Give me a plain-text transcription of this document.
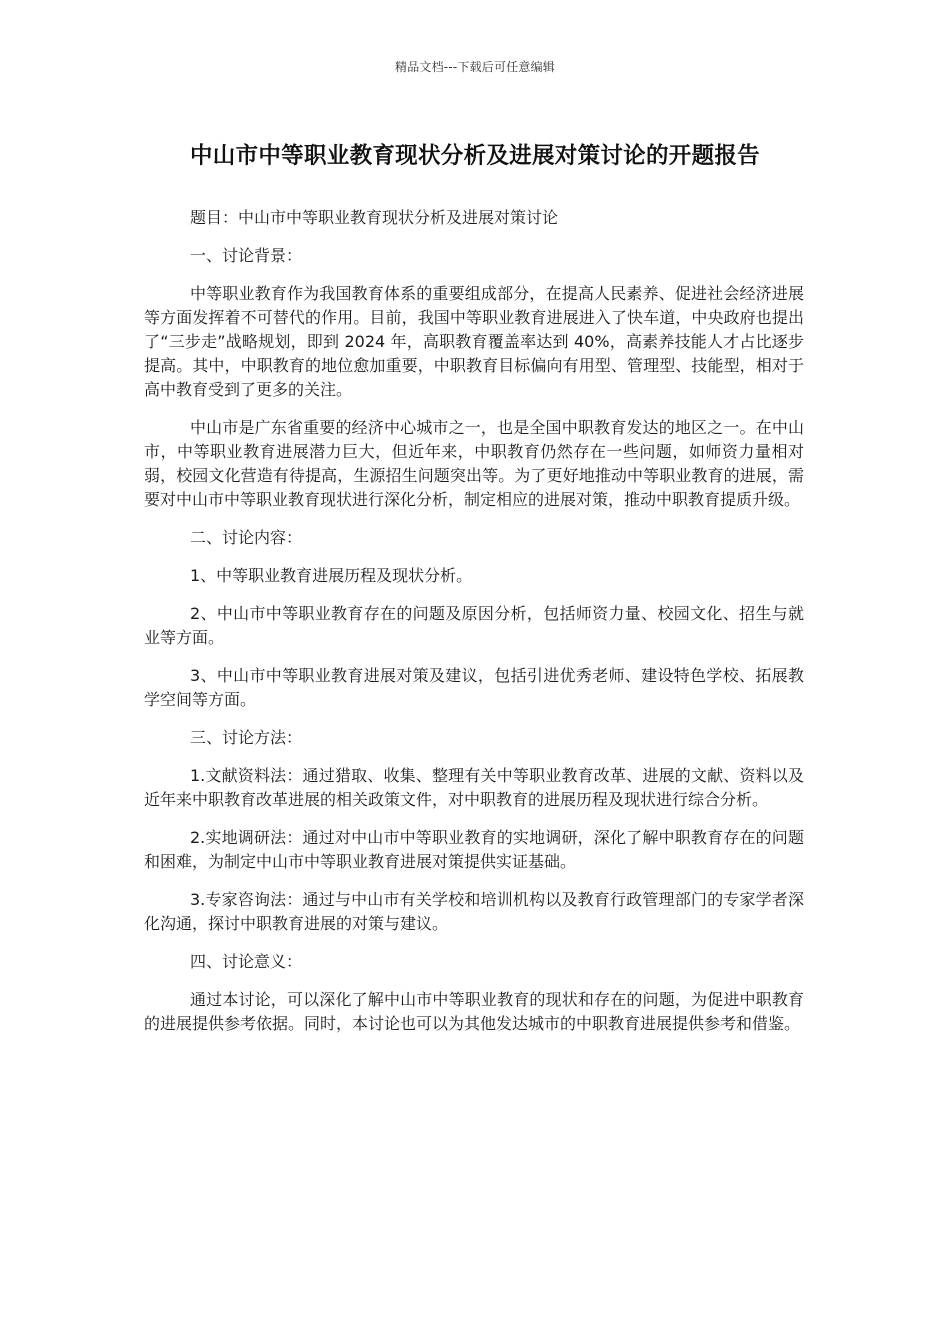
精品文档---下载后可任意编辑
中山市中等职业教育现状分析及进展对策讨论的开题报告

题目：中山市中等职业教育现状分析及进展对策讨论

一、讨论背景：

中等职业教育作为我国教育体系的重要组成部分，在提高人民素养、促进社会经济进展等方面发挥着不可替代的作用。目前，我国中等职业教育进展进入了快车道，中央政府也提出了“三步走”战略规划，即到 2024 年，高职教育覆盖率达到 40%，高素养技能人才占比逐步提高。其中，中职教育的地位愈加重要，中职教育目标偏向有用型、管理型、技能型，相对于高中教育受到了更多的关注。

中山市是广东省重要的经济中心城市之一，也是全国中职教育发达的地区之一。在中山市，中等职业教育进展潜力巨大，但近年来，中职教育仍然存在一些问题，如师资力量相对弱，校园文化营造有待提高，生源招生问题突出等。为了更好地推动中等职业教育的进展，需要对中山市中等职业教育现状进行深化分析，制定相应的进展对策，推动中职教育提质升级。

二、讨论内容：

1、中等职业教育进展历程及现状分析。

2、中山市中等职业教育存在的问题及原因分析，包括师资力量、校园文化、招生与就业等方面。

3、中山市中等职业教育进展对策及建议，包括引进优秀老师、建设特色学校、拓展教学空间等方面。

三、讨论方法：

1.文献资料法：通过猎取、收集、整理有关中等职业教育改革、进展的文献、资料以及近年来中职教育改革进展的相关政策文件，对中职教育的进展历程及现状进行综合分析。

2.实地调研法：通过对中山市中等职业教育的实地调研，深化了解中职教育存在的问题和困难，为制定中山市中等职业教育进展对策提供实证基础。

3.专家咨询法：通过与中山市有关学校和培训机构以及教育行政管理部门的专家学者深化沟通，探讨中职教育进展的对策与建议。

四、讨论意义：

通过本讨论，可以深化了解中山市中等职业教育的现状和存在的问题，为促进中职教育的进展提供参考依据。同时，本讨论也可以为其他发达城市的中职教育进展提供参考和借鉴。
